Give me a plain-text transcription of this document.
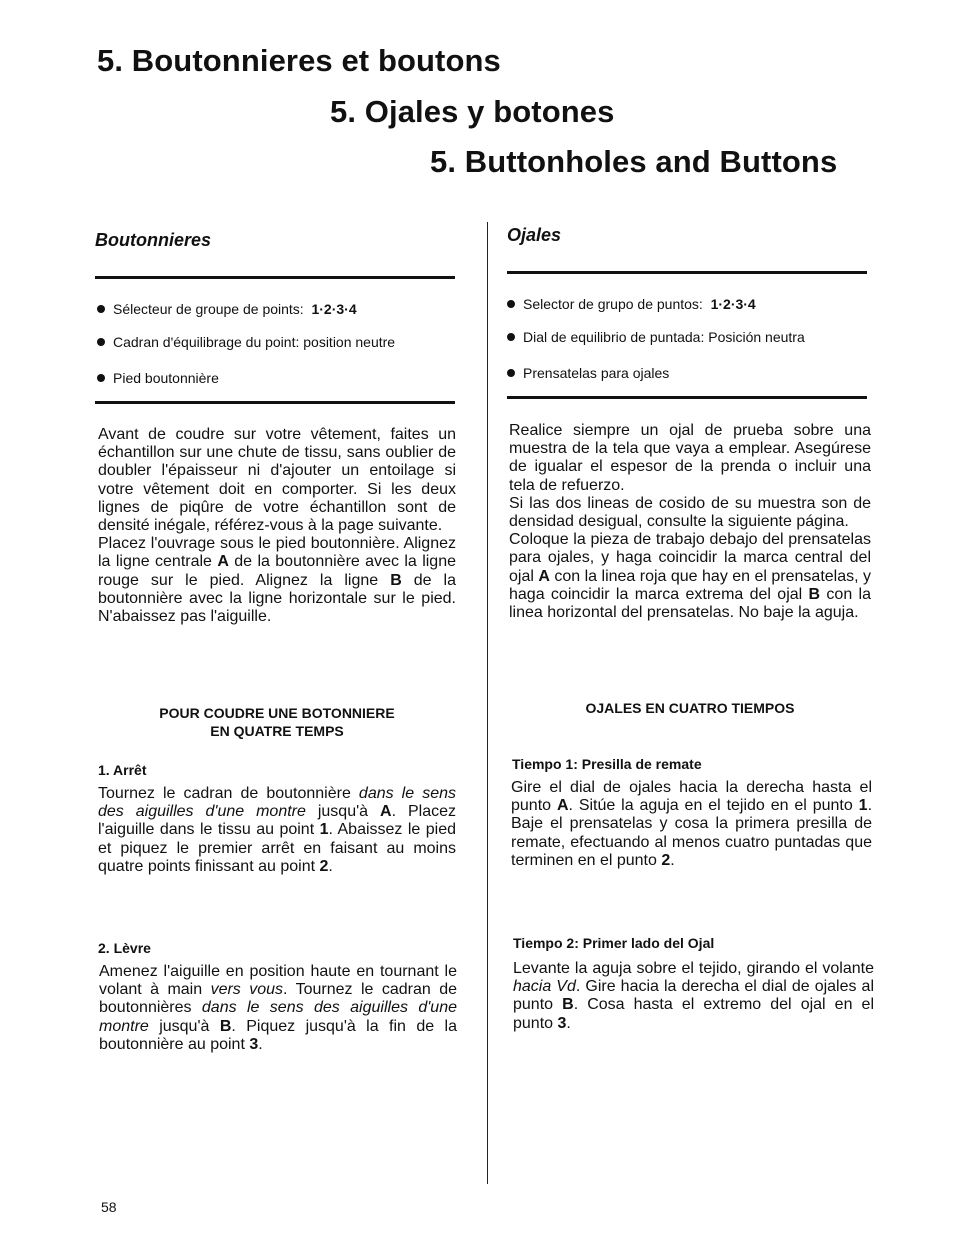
5. Boutonnieres et boutons
5. Ojales y botones
5. Buttonholes and Buttons
Boutonnieres
Sélecteur de groupe de points: 1·2·3·4
Cadran d'équilibrage du point: position neutre
Pied boutonnière
Avant de coudre sur votre vêtement, faites un échantillon sur une chute de tissu, sans oublier de doubler l'épaisseur ni d'ajouter un entoilage si votre vêtement doit en comporter. Si les deux lignes de piqûre de votre échantillon sont de densité inégale, référez-vous à la page suivante.
Placez l'ouvrage sous le pied boutonnière. Alignez la ligne centrale A de la boutonnière avec la ligne rouge sur le pied. Alignez la ligne B de la boutonnière avec la ligne horizontale sur le pied. N'abaissez pas l'aiguille.
POUR COUDRE UNE BOTONNIERE
EN QUATRE TEMPS
1. Arrêt
Tournez le cadran de boutonnière dans le sens des aiguilles d'une montre jusqu'à A. Placez l'aiguille dans le tissu au point 1. Abaissez le pied et piquez le premier arrêt en faisant au moins quatre points finissant au point 2.
2. Lèvre
Amenez l'aiguille en position haute en tournant le volant à main vers vous. Tournez le cadran de boutonnières dans le sens des aiguilles d'une montre jusqu'à B. Piquez jusqu'à la fin de la boutonnière au point 3.
Ojales
Selector de grupo de puntos: 1·2·3·4
Dial de equilibrio de puntada: Posición neutra
Prensatelas para ojales
Realice siempre un ojal de prueba sobre una muestra de la tela que vaya a emplear. Asegúrese de igualar el espesor de la prenda o incluir una tela de refuerzo.
Si las dos lineas de cosido de su muestra son de densidad desigual, consulte la siguiente página.
Coloque la pieza de trabajo debajo del prensatelas para ojales, y haga coincidir la marca central del ojal A con la linea roja que hay en el prensatelas, y haga coincidir la marca extrema del ojal B con la linea horizontal del prensatelas. No baje la aguja.
OJALES EN CUATRO TIEMPOS
Tiempo 1: Presilla de remate
Gire el dial de ojales hacia la derecha hasta el punto A. Sitúe la aguja en el tejido en el punto 1. Baje el prensatelas y cosa la primera presilla de remate, efectuando al menos cuatro puntadas que terminen en el punto 2.
Tiempo 2: Primer lado del Ojal
Levante la aguja sobre el tejido, girando el volante hacia Vd. Gire hacia la derecha el dial de ojales al punto B. Cosa hasta el extremo del ojal en el punto 3.
58
